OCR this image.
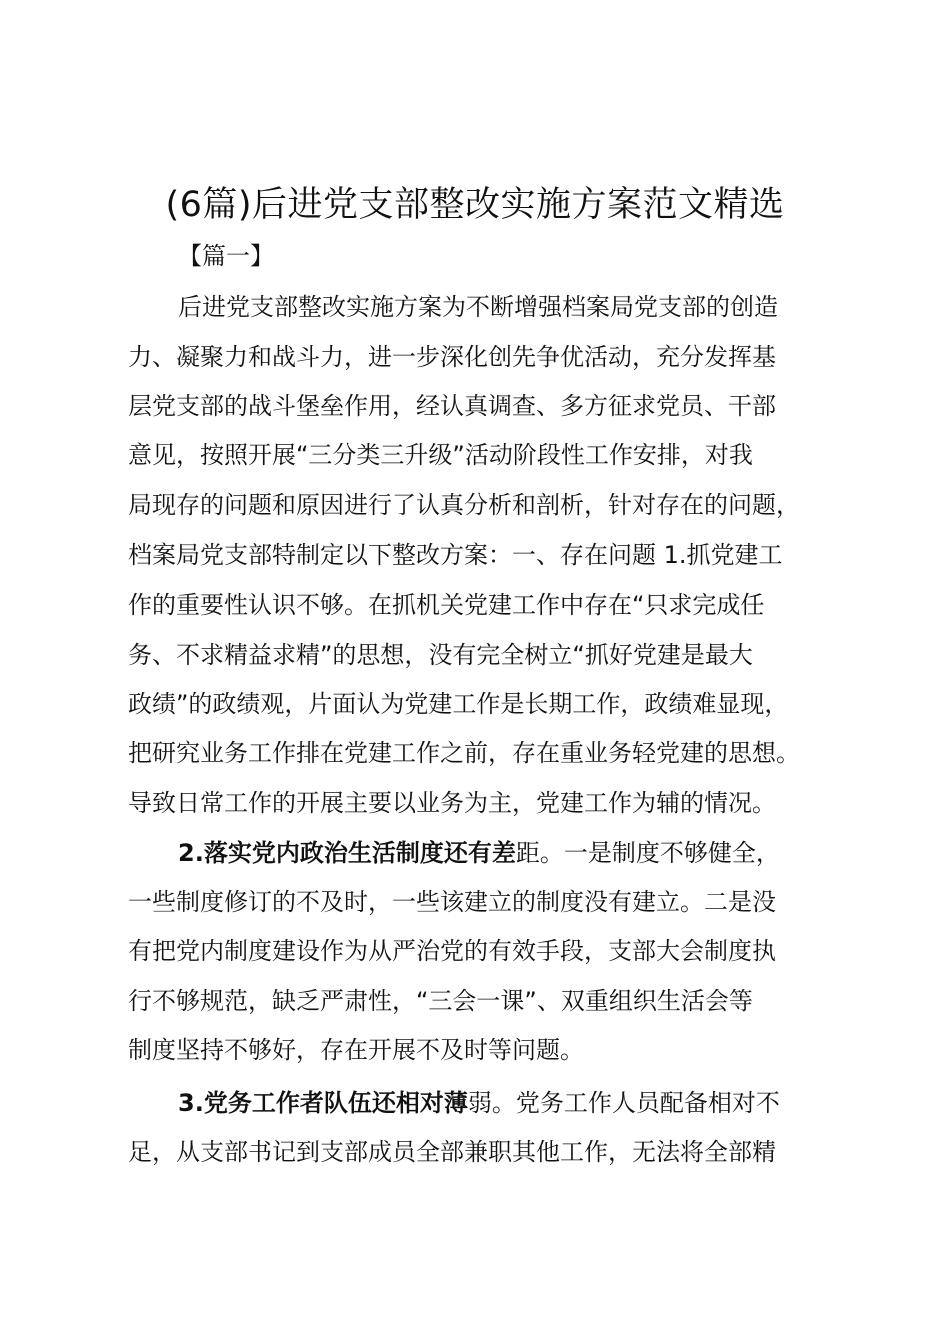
(6篇)后进党支部整改实施方案范文精选

【篇一】

后进党支部整改实施方案为不断增强档案局党支部的创造

力、凝聚力和战斗力，进一步深化创先争优活动，充分发挥基

层党支部的战斗堡垒作用，经认真调查、多方征求党员、干部

意见，按照开展“三分类三升级”活动阶段性工作安排，对我

局现存的问题和原因进行了认真分析和剖析，针对存在的问题，

档案局党支部特制定以下整改方案：一、存在问题 1.抓党建工

作的重要性认识不够。在抓机关党建工作中存在“只求完成任

务、不求精益求精”的思想，没有完全树立“抓好党建是最大

政绩”的政绩观，片面认为党建工作是长期工作，政绩难显现，

把研究业务工作排在党建工作之前，存在重业务轻党建的思想。

导致日常工作的开展主要以业务为主，党建工作为辅的情况。

2.落实党内政治生活制度还有差距。一是制度不够健全，

一些制度修订的不及时，一些该建立的制度没有建立。二是没

有把党内制度建设作为从严治党的有效手段，支部大会制度执

行不够规范，缺乏严肃性，“三会一课”、双重组织生活会等

制度坚持不够好，存在开展不及时等问题。

3.党务工作者队伍还相对薄弱。党务工作人员配备相对不

足，从支部书记到支部成员全部兼职其他工作，无法将全部精
